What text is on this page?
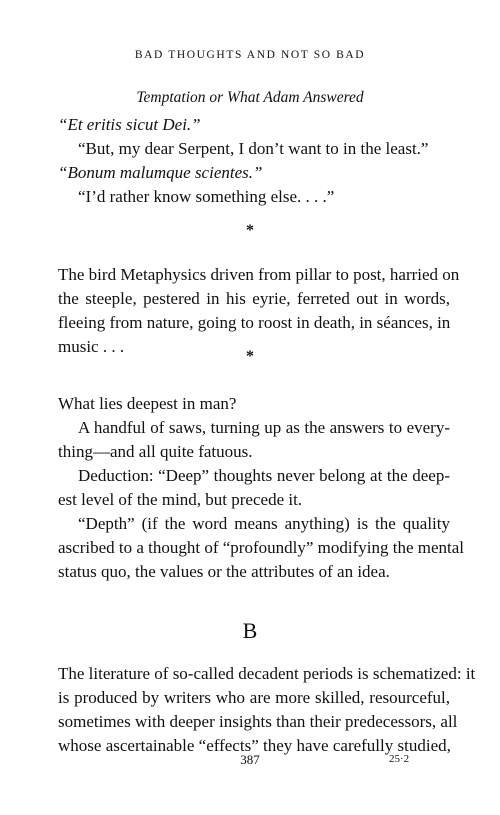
BAD THOUGHTS AND NOT SO BAD
Temptation or What Adam Answered
“Et eritis sicut Dei.”
“But, my dear Serpent, I don’t want to in the least.”
“Bonum malumque scientes.”
“I’d rather know something else. . . .”
*
The bird Metaphysics driven from pillar to post, harried on
the steeple, pestered in his eyrie, ferreted out in words,
fleeing from nature, going to roost in death, in séances, in
music . . .
*
What lies deepest in man?
A handful of saws, turning up as the answers to every-
thing—and all quite fatuous.
Deduction: “Deep” thoughts never belong at the deep-
est level of the mind, but precede it.
“Depth” (if the word means anything) is the quality
ascribed to a thought of “profoundly” modifying the mental
status quo, the values or the attributes of an idea.
B
The literature of so-called decadent periods is schematized: it
is produced by writers who are more skilled, resourceful,
sometimes with deeper insights than their predecessors, all
whose ascertainable “effects” they have carefully studied,
387	25·2
